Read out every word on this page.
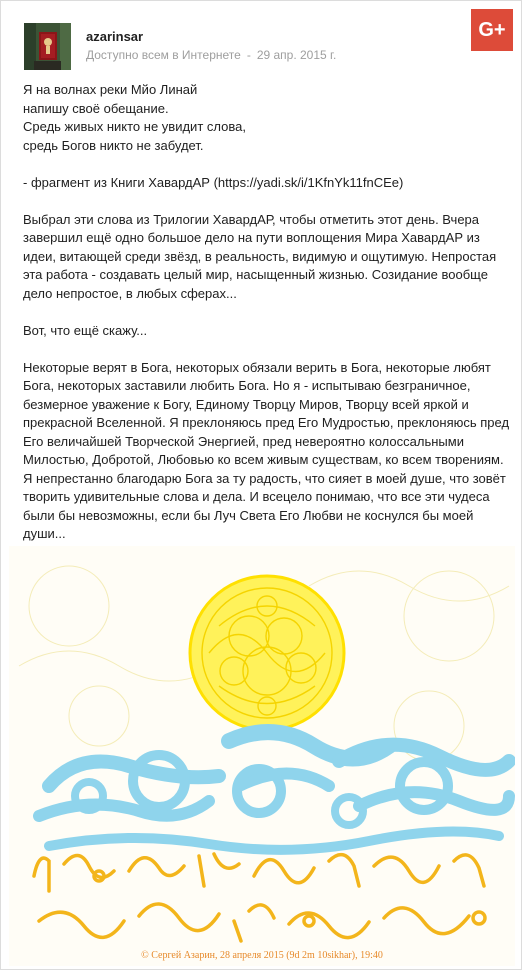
azarinsar
Доступно всем в Интернете - 29 апр. 2015 г.
G+

Я на волнах реки Мйо Линай
напишу своё обещание.
Средь живых никто не увидит слова,
средь Богов никто не забудет.

- фрагмент из Книги ХавардАР (https://yadi.sk/i/1KfnYk11fnCEe)

Выбрал эти слова из Трилогии ХавардАР, чтобы отметить этот день. Вчера завершил ещё одно большое дело на пути воплощения Мира ХавардАР из идеи, витающей среди звёзд, в реальность, видимую и ощутимую. Непростая эта работа - создавать целый мир, насыщенный жизнью. Созидание вообще дело непростое, в любых сферах...

Вот, что ещё скажу...

Некоторые верят в Бога, некоторых обязали верить в Бога, некоторые любят Бога, некоторых заставили любить Бога. Но я - испытываю безграничное, безмерное уважение к Богу, Единому Творцу Миров, Творцу всей яркой и прекрасной Вселенной. Я преклоняюсь пред Его Мудростью, преклоняюсь пред Его величайшей Творческой Энергией, пред невероятно колоссальными Милостью, Добротой, Любовью ко всем живым существам, ко всем творениям. Я непрестанно благодарю Бога за ту радость, что сияет в моей душе, что зовёт творить удивительные слова и дела. И всецело понимаю, что все эти чудеса были бы невозможны, если бы Луч Света Его Любви не коснулся бы моей души...

© Сергей Азарин, 28 апреля 2015 (9d 2m 10sikhar), 19:40
